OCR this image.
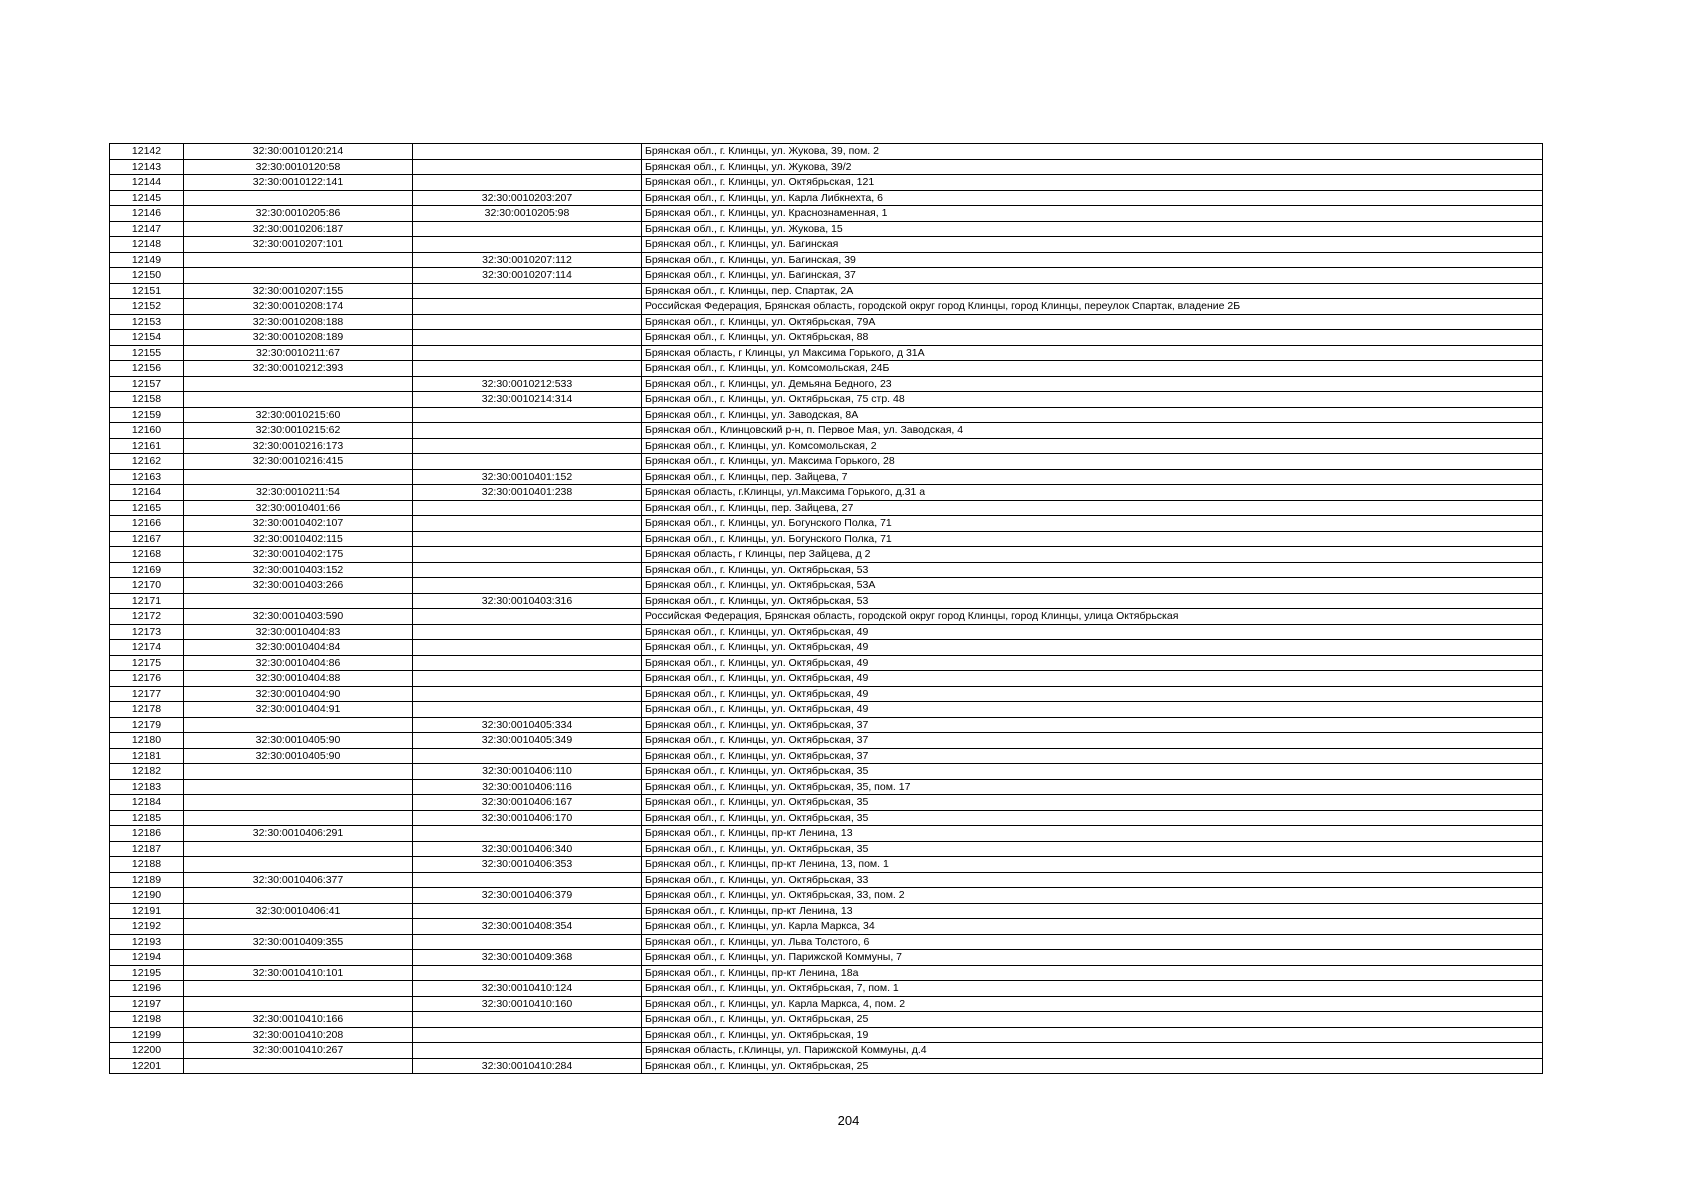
12142	32:30:0010120:214		Брянская обл., г. Клинцы, ул. Жукова, 39, пом. 2
12143	32:30:0010120:58		Брянская обл., г. Клинцы, ул. Жукова, 39/2
12144	32:30:0010122:141		Брянская обл., г. Клинцы, ул. Октябрьская, 121
12145		32:30:0010203:207	Брянская обл., г. Клинцы, ул. Карла Либкнехта, 6
12146	32:30:0010205:86	32:30:0010205:98	Брянская обл., г. Клинцы, ул. Краснознаменная, 1
12147	32:30:0010206:187		Брянская обл., г. Клинцы, ул. Жукова, 15
12148	32:30:0010207:101		Брянская обл., г. Клинцы, ул. Багинская
12149		32:30:0010207:112	Брянская обл., г. Клинцы, ул. Багинская, 39
12150		32:30:0010207:114	Брянская обл., г. Клинцы, ул. Багинская, 37
12151	32:30:0010207:155		Брянская обл., г. Клинцы, пер. Спартак, 2А
12152	32:30:0010208:174		Российская Федерация, Брянская область, городской округ город Клинцы, город Клинцы, переулок Спартак, владение 2Б
12153	32:30:0010208:188		Брянская обл., г. Клинцы, ул. Октябрьская, 79А
12154	32:30:0010208:189		Брянская обл., г. Клинцы, ул. Октябрьская, 88
12155	32:30:0010211:67		Брянская область, г Клинцы, ул Максима Горького, д 31А
12156	32:30:0010212:393		Брянская обл., г. Клинцы, ул. Комсомольская, 24Б
12157		32:30:0010212:533	Брянская обл., г. Клинцы, ул. Демьяна Бедного, 23
12158		32:30:0010214:314	Брянская обл., г. Клинцы, ул. Октябрьская, 75 стр. 48
12159	32:30:0010215:60		Брянская обл., г. Клинцы, ул. Заводская, 8А
12160	32:30:0010215:62		Брянская обл., Клинцовский р-н, п. Первое Мая, ул. Заводская, 4
12161	32:30:0010216:173		Брянская обл., г. Клинцы, ул. Комсомольская, 2
12162	32:30:0010216:415		Брянская обл., г. Клинцы, ул. Максима Горького, 28
12163		32:30:0010401:152	Брянская обл., г. Клинцы, пер. Зайцева, 7
12164	32:30:0010211:54	32:30:0010401:238	Брянская область, г.Клинцы, ул.Максима Горького, д.31 а
12165	32:30:0010401:66		Брянская обл., г. Клинцы, пер. Зайцева, 27
12166	32:30:0010402:107		Брянская обл., г. Клинцы, ул. Богунского Полка, 71
12167	32:30:0010402:115		Брянская обл., г. Клинцы, ул. Богунского Полка, 71
12168	32:30:0010402:175		Брянская область, г Клинцы, пер Зайцева, д 2
12169	32:30:0010403:152		Брянская обл., г. Клинцы, ул. Октябрьская, 53
12170	32:30:0010403:266		Брянская обл., г. Клинцы, ул. Октябрьская, 53А
12171		32:30:0010403:316	Брянская обл., г. Клинцы, ул. Октябрьская, 53
12172	32:30:0010403:590		Российская Федерация, Брянская область, городской округ город Клинцы, город Клинцы, улица Октябрьская
12173	32:30:0010404:83		Брянская обл., г. Клинцы, ул. Октябрьская, 49
12174	32:30:0010404:84		Брянская обл., г. Клинцы, ул. Октябрьская, 49
12175	32:30:0010404:86		Брянская обл., г. Клинцы, ул. Октябрьская, 49
12176	32:30:0010404:88		Брянская обл., г. Клинцы, ул. Октябрьская, 49
12177	32:30:0010404:90		Брянская обл., г. Клинцы, ул. Октябрьская, 49
12178	32:30:0010404:91		Брянская обл., г. Клинцы, ул. Октябрьская, 49
12179		32:30:0010405:334	Брянская обл., г. Клинцы, ул. Октябрьская, 37
12180	32:30:0010405:90	32:30:0010405:349	Брянская обл., г. Клинцы, ул. Октябрьская, 37
12181	32:30:0010405:90		Брянская обл., г. Клинцы, ул. Октябрьская, 37
12182		32:30:0010406:110	Брянская обл., г. Клинцы, ул. Октябрьская, 35
12183		32:30:0010406:116	Брянская обл., г. Клинцы, ул. Октябрьская, 35, пом. 17
12184		32:30:0010406:167	Брянская обл., г. Клинцы, ул. Октябрьская, 35
12185		32:30:0010406:170	Брянская обл., г. Клинцы, ул. Октябрьская, 35
12186	32:30:0010406:291		Брянская обл., г. Клинцы, пр-кт Ленина, 13
12187		32:30:0010406:340	Брянская обл., г. Клинцы, ул. Октябрьская, 35
12188		32:30:0010406:353	Брянская обл., г. Клинцы, пр-кт Ленина, 13, пом. 1
12189	32:30:0010406:377		Брянская обл., г. Клинцы, ул. Октябрьская, 33
12190		32:30:0010406:379	Брянская обл., г. Клинцы, ул. Октябрьская, 33, пом. 2
12191	32:30:0010406:41		Брянская обл., г. Клинцы, пр-кт Ленина, 13
12192		32:30:0010408:354	Брянская обл., г. Клинцы, ул. Карла Маркса, 34
12193	32:30:0010409:355		Брянская обл., г. Клинцы, ул. Льва Толстого, 6
12194		32:30:0010409:368	Брянская обл., г. Клинцы, ул. Парижской Коммуны, 7
12195	32:30:0010410:101		Брянская обл., г. Клинцы, пр-кт Ленина, 18а
12196		32:30:0010410:124	Брянская обл., г. Клинцы, ул. Октябрьская, 7, пом. 1
12197		32:30:0010410:160	Брянская обл., г. Клинцы, ул. Карла Маркса, 4, пом. 2
12198	32:30:0010410:166		Брянская обл., г. Клинцы, ул. Октябрьская, 25
12199	32:30:0010410:208		Брянская обл., г. Клинцы, ул. Октябрьская, 19
12200	32:30:0010410:267		Брянская область, г.Клинцы, ул. Парижской Коммуны, д.4
12201		32:30:0010410:284	Брянская обл., г. Клинцы, ул. Октябрьская, 25
204
